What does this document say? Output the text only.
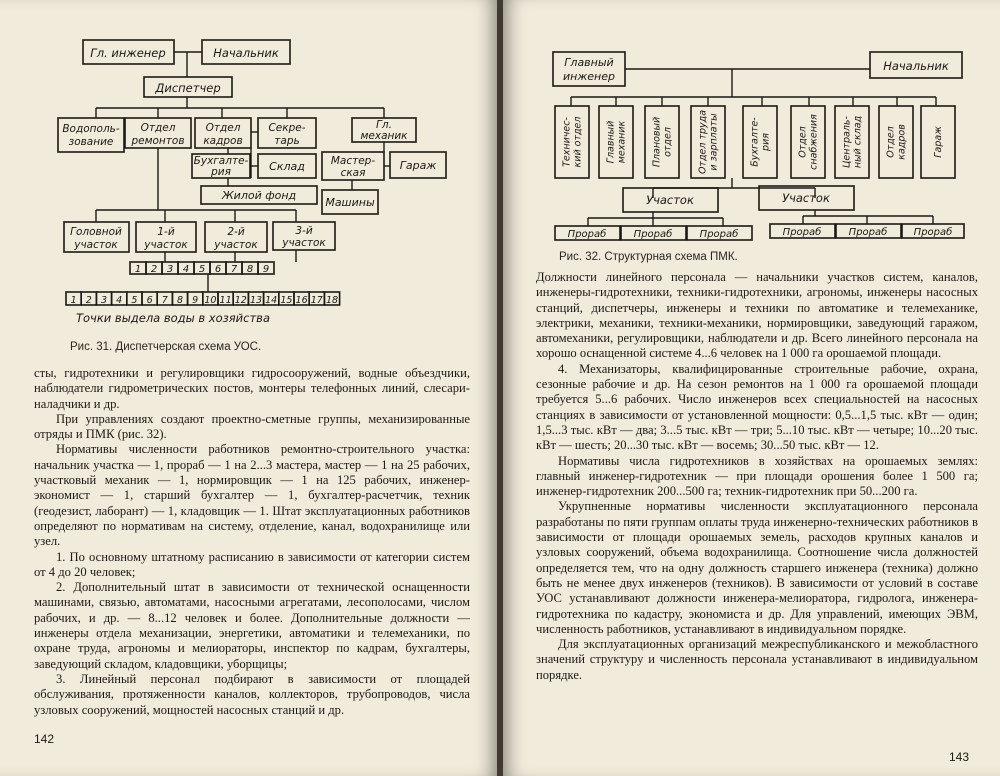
Гл. инженер	Начальник
Диспетчер
Водополь-
зование
Отдел
ремонтов
Отдел
кадров
Секре-
тарь
Гл.
механик
Бухгалте-
рия	Склад Мастер-
ская
Гараж
Жилой фонд
Машины
Головной
участок
1-й
участок
2-й
участок
3-й
участок
1 2 3 4 5 6 7 8 9
1 2 3 4 5 6 7 8 9 10 11 12 13 14 15 16 17 18
Точки выдела воды в хозяйства
Рис. 31. Диспетчерская схема УОС.

сты, гидротехники и регулировщики гидросооружений, водные объездчики, наблюдатели гидрометрических постов, монтеры телефонных линий, слесари-наладчики и др.

При управлениях создают проектно-сметные группы, механизированные отряды и ПМК (рис. 32).

Нормативы численности работников ремонтно-строительного участка: начальник участка — 1, прораб — 1 на 2...3 мастера, мастер — 1 на 25 рабочих, участковый механик — 1, нормировщик — 1 на 125 рабочих, инженер-экономист — 1, старший бухгалтер — 1, бухгалтер-расчетчик, техник (геодезист, лаборант) — 1, кладовщик — 1. Штат эксплуатационных работников определяют по нормативам на систему, отделение, канал, водохранилище или узел.

1. По основному штатному расписанию в зависимости от категории систем от 4 до 20 человек;

2. Дополнительный штат в зависимости от технической оснащенности машинами, связью, автоматами, насосными агрегатами, лесополосами, числом рабочих, и др. — 8...12 человек и более. Дополнительные должности — инженеры отдела механизации, энергетики, автоматики и телемеханики, по охране труда, агрономы и мелиораторы, инспектор по кадрам, бухгалтеры, заведующий складом, кладовщики, уборщицы;

3. Линейный персонал подбирают в зависимости от площадей обслуживания, протяженности каналов, коллекторов, трубопроводов, числа узловых сооружений, мощностей насосных станций и др.

142
Техничес-кий отдел Главныймеханик	Плановыйотдел	Отдел трудаи зарплаты	Бухгалте-рия	Отделснабжения Централь-ный склад Отделкадров	Гараж
Главный
инженер
Начальник
Участок	Участок
Прораб	Прораб	Прораб	Прораб	Прораб	Прораб
Рис. 32. Структурная схема ПМК.

Должности линейного персонала — начальники участков систем, каналов, инженеры-гидротехники, техники-гидротехники, агрономы, инженеры насосных станций, диспетчеры, инженеры и техники по автоматике и телемеханике, электрики, механики, техники-механики, нормировщики, заведующий гаражом, автомеханики, регулировщики, наблюдатели и др. Всего линейного персонала на хорошо оснащенной системе 4...6 человек на 1 000 га орошаемой площади.

4. Механизаторы, квалифицированные строительные рабочие, охрана, сезонные рабочие и др. На сезон ремонтов на 1 000 га орошаемой площади требуется 5...6 рабочих. Число инженеров всех специальностей на насосных станциях в зависимости от установленной мощности: 0,5...1,5 тыс. кВт — один; 1,5...3 тыс. кВт — два; 3...5 тыс. кВт — три; 5...10 тыс. кВт — четыре; 10...20 тыс. кВт — шесть; 20...30 тыс. кВт — восемь; 30...50 тыс. кВт — 12.

Нормативы числа гидротехников в хозяйствах на орошаемых землях: главный инженер-гидротехник — при площади орошения более 1 500 га; инженер-гидротехник 200...500 га; техник-гидротехник при 50...200 га.

Укрупненные нормативы численности эксплуатационного персонала разработаны по пяти группам оплаты труда инженерно-технических работников в зависимости от площади орошаемых земель, расходов крупных каналов и узловых сооружений, объема водохранилища. Соотношение числа должностей определяется тем, что на одну должность старшего инженера (техника) должно быть не менее двух инженеров (техников). В зависимости от условий в составе УОС устанавливают должности инженера-мелиоратора, гидролога, инженера-гидротехника по кадастру, экономиста и др. Для управлений, имеющих ЭВМ, численность работников, устанавливают в индивидуальном порядке.

Для эксплуатационных организаций межреспубликанского и межобластного значений структуру и численность персонала устанавливают в индивидуальном порядке.

143
